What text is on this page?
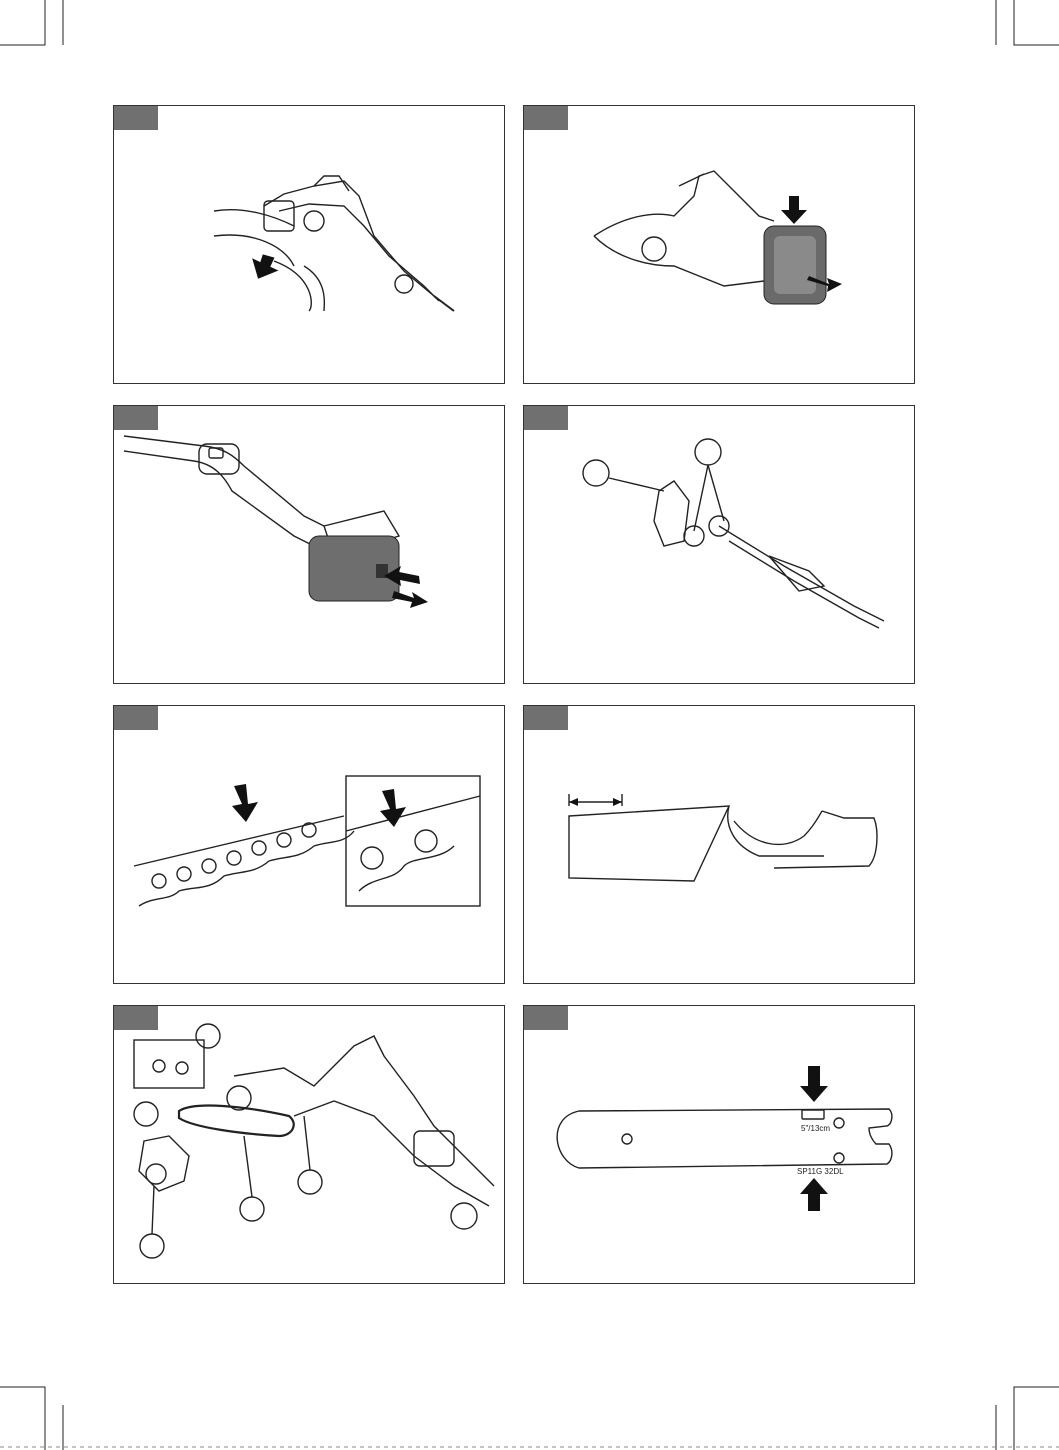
5"/13cm
SP11G 32DL
